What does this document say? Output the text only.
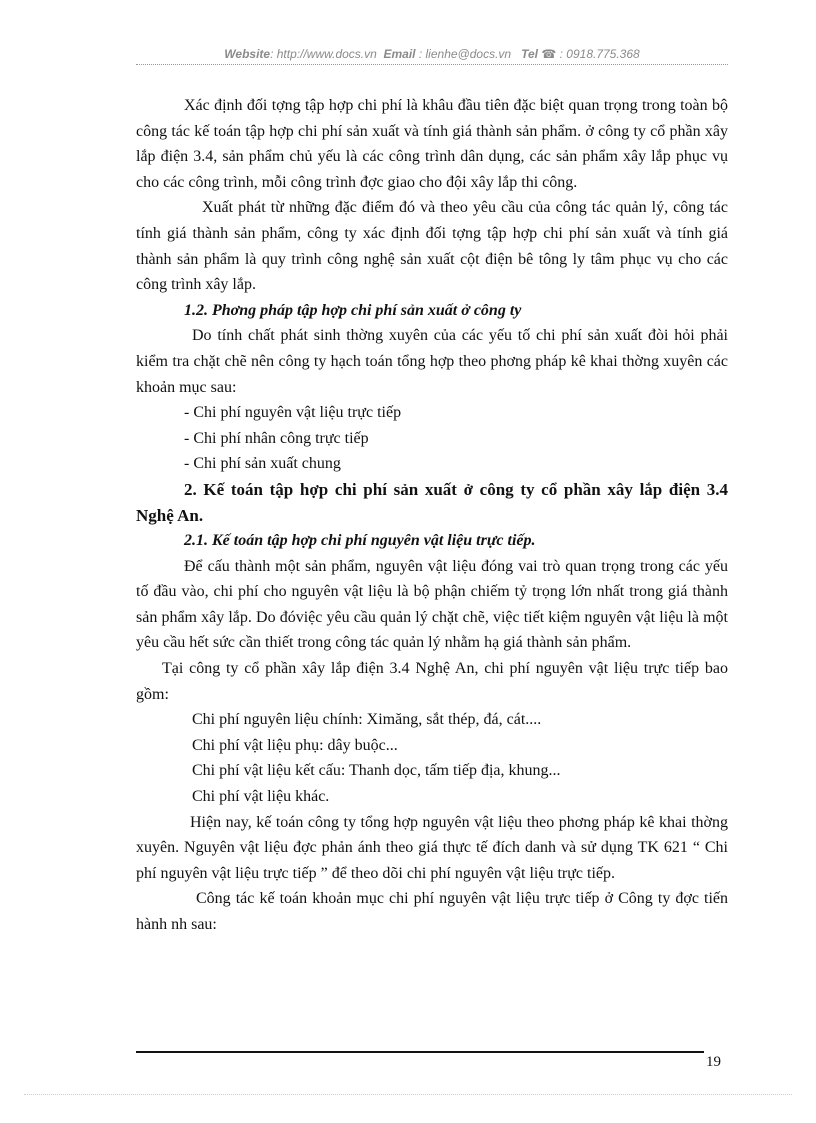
Website: http://www.docs.vn Email : lienhe@docs.vn Tel ☎ : 0918.775.368

Xác định đối tợng tập hợp chi phí là khâu đầu tiên đặc biệt quan trọng trong toàn bộ công tác kế toán tập hợp chi phí sản xuất và tính giá thành sản phẩm. ở công ty cổ phần xây lắp điện 3.4, sản phẩm chủ yếu là các công trình dân dụng, các sản phẩm xây lắp phục vụ cho các công trình, mỗi công trình đợc giao cho đội xây lắp thi công.

Xuất phát từ những đặc điểm đó và theo yêu cầu của công tác quản lý, công tác tính giá thành sản phẩm, công ty xác định đối tợng tập hợp chi phí sản xuất và tính giá thành sản phẩm là quy trình công nghệ sản xuất cột điện bê tông ly tâm phục vụ cho các công trình xây lắp.

1.2. Phơng pháp tập hợp chi phí sản xuất ở công ty

Do tính chất phát sinh thờng xuyên của các yếu tố chi phí sản xuất đòi hỏi phải kiểm tra chặt chẽ nên công ty hạch toán tổng hợp theo phơng pháp kê khai thờng xuyên các khoản mục sau:

- Chi phí nguyên vật liệu trực tiếp

- Chi phí nhân công trực tiếp

- Chi phí sản xuất chung

2. Kế toán tập hợp chi phí sản xuất ở công ty cổ phần xây lắp điện 3.4 Nghệ An.

2.1. Kế toán tập hợp chi phí nguyên vật liệu trực tiếp.

Để cấu thành một sản phẩm, nguyên vật liệu đóng vai trò quan trọng trong các yếu tố đầu vào, chi phí cho nguyên vật liệu là bộ phận chiếm tỷ trọng lớn nhất trong giá thành sản phẩm xây lắp. Do đóviệc yêu cầu quản lý chặt chẽ, việc tiết kiệm nguyên vật liệu là một yêu cầu hết sức cần thiết trong công tác quản lý nhằm hạ giá thành sản phẩm.

Tại công ty cổ phần xây lắp điện 3.4 Nghệ An, chi phí nguyên vật liệu trực tiếp bao gồm:

Chi phí nguyên liệu chính: Ximăng, sắt thép, đá, cát....

Chi phí vật liệu phụ: dây buộc...

Chi phí vật liệu kết cấu: Thanh dọc, tấm tiếp địa, khung...

Chi phí vật liệu khác.

Hiện nay, kế toán công ty tổng hợp nguyên vật liệu theo phơng pháp kê khai thờng xuyên. Nguyên vật liệu đợc phản ánh theo giá thực tế đích danh và sử dụng TK 621 “ Chi phí nguyên vật liệu trực tiếp ” để theo dõi chi phí nguyên vật liệu trực tiếp.

Công tác kế toán khoản mục chi phí nguyên vật liệu trực tiếp ở Công ty đợc tiến hành nh sau:

19
